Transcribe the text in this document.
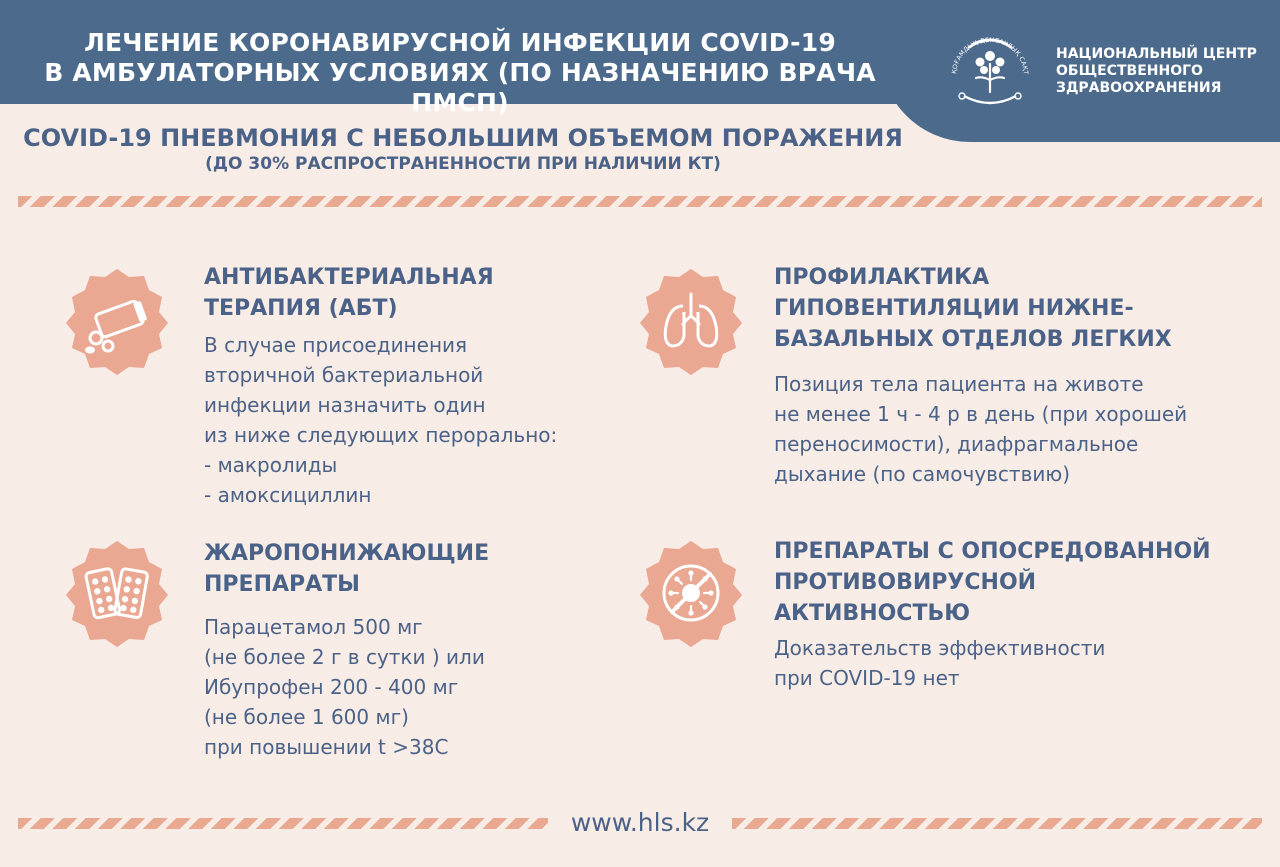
ЛЕЧЕНИЕ КОРОНАВИРУСНОЙ ИНФЕКЦИИ COVID-19
В АМБУЛАТОРНЫХ УСЛОВИЯХ (ПО НАЗНАЧЕНИЮ ВРАЧА ПМСП)
ҚОҒАМДЫҚ ДЕНСАУЛЫҚ САҚТ
НАЦИОНАЛЬНЫЙ ЦЕНТР
ОБЩЕСТВЕННОГО
ЗДРАВООХРАНЕНИЯ
COVID-19 ПНЕВМОНИЯ С НЕБОЛЬШИМ ОБЪЕМОМ ПОРАЖЕНИЯ
(ДО 30% РАСПРОСТРАНЕННОСТИ ПРИ НАЛИЧИИ КТ)
АНТИБАКТЕРИАЛЬНАЯ
ТЕРАПИЯ (АБТ)
В случае присоединения
вторичной бактериальной
инфекции назначить один
из ниже следующих перорально:
- макролиды
- амоксициллин
ПРОФИЛАКТИКА
ГИПОВЕНТИЛЯЦИИ НИЖНЕ-
БАЗАЛЬНЫХ ОТДЕЛОВ ЛЕГКИХ
Позиция тела пациента на животе
не менее 1 ч - 4 р в день (при хорошей
переносимости), диафрагмальное
дыхание (по самочувствию)
ЖАРОПОНИЖАЮЩИЕ
ПРЕПАРАТЫ
Парацетамол 500 мг
(не более 2 г в сутки ) или
Ибупрофен 200 - 400 мг
(не более 1 600 мг)
при повышении t >38С
ПРЕПАРАТЫ С ОПОСРЕДОВАННОЙ
ПРОТИВОВИРУСНОЙ
АКТИВНОСТЬЮ
Доказательств эффективности
при COVID-19 нет
www.hls.kz
